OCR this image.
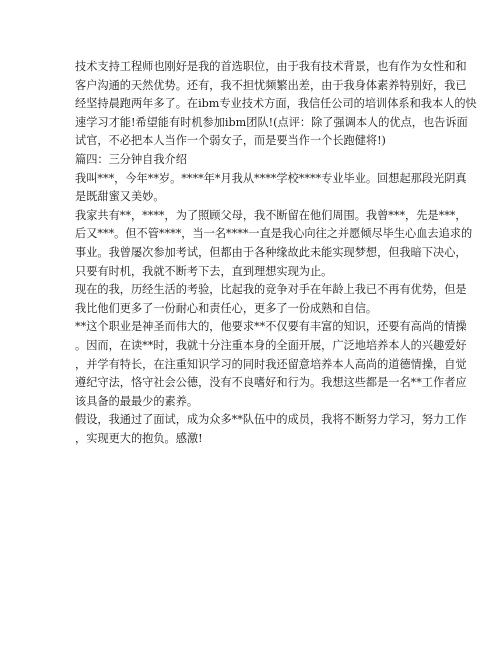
技术支持工程师也刚好是我的首选职位，由于我有技术背景，也有作为女性和和
客户沟通的天然优势。还有，我不担忧频繁出差，由于我身体素养特别好，我已
经坚持晨跑两年多了。在ibm专业技术方面，我信任公司的培训体系和我本人的快
速学习才能!希望能有时机参加ibm团队!(点评：除了强调本人的优点，也告诉面
试官，不必把本人当作一个弱女子，而是要当作一个长跑健将!)
篇四：三分钟自我介绍
我叫***，今年**岁。****年*月我从****学校****专业毕业。回想起那段光阴真
是既甜蜜又美妙。
我家共有**，****，为了照顾父母，我不断留在他们周围。我曾***，先是***，
后又***。但不管****，当一名****一直是我心向往之并愿倾尽毕生心血去追求的
事业。我曾屡次参加考试，但都由于各种缘故此未能实现梦想，但我暗下决心，
只要有时机，我就不断考下去，直到理想实现为止。
现在的我，历经生活的考验，比起我的竞争对手在年龄上我已不再有优势，但是
我比他们更多了一份耐心和责任心，更多了一份成熟和自信。
**这个职业是神圣而伟大的，他要求**不仅要有丰富的知识，还要有高尚的情操
。因而，在读**时，我就十分注重本身的全面开展，广泛地培养本人的兴趣爱好
，并学有特长，在注重知识学习的同时我还留意培养本人高尚的道德情操，自觉
遵纪守法，恪守社会公德，没有不良嗜好和行为。我想这些都是一名**工作者应
该具备的最最少的素养。
假设，我通过了面试，成为众多**队伍中的成员，我将不断努力学习，努力工作
，实现更大的抱负。感激!
